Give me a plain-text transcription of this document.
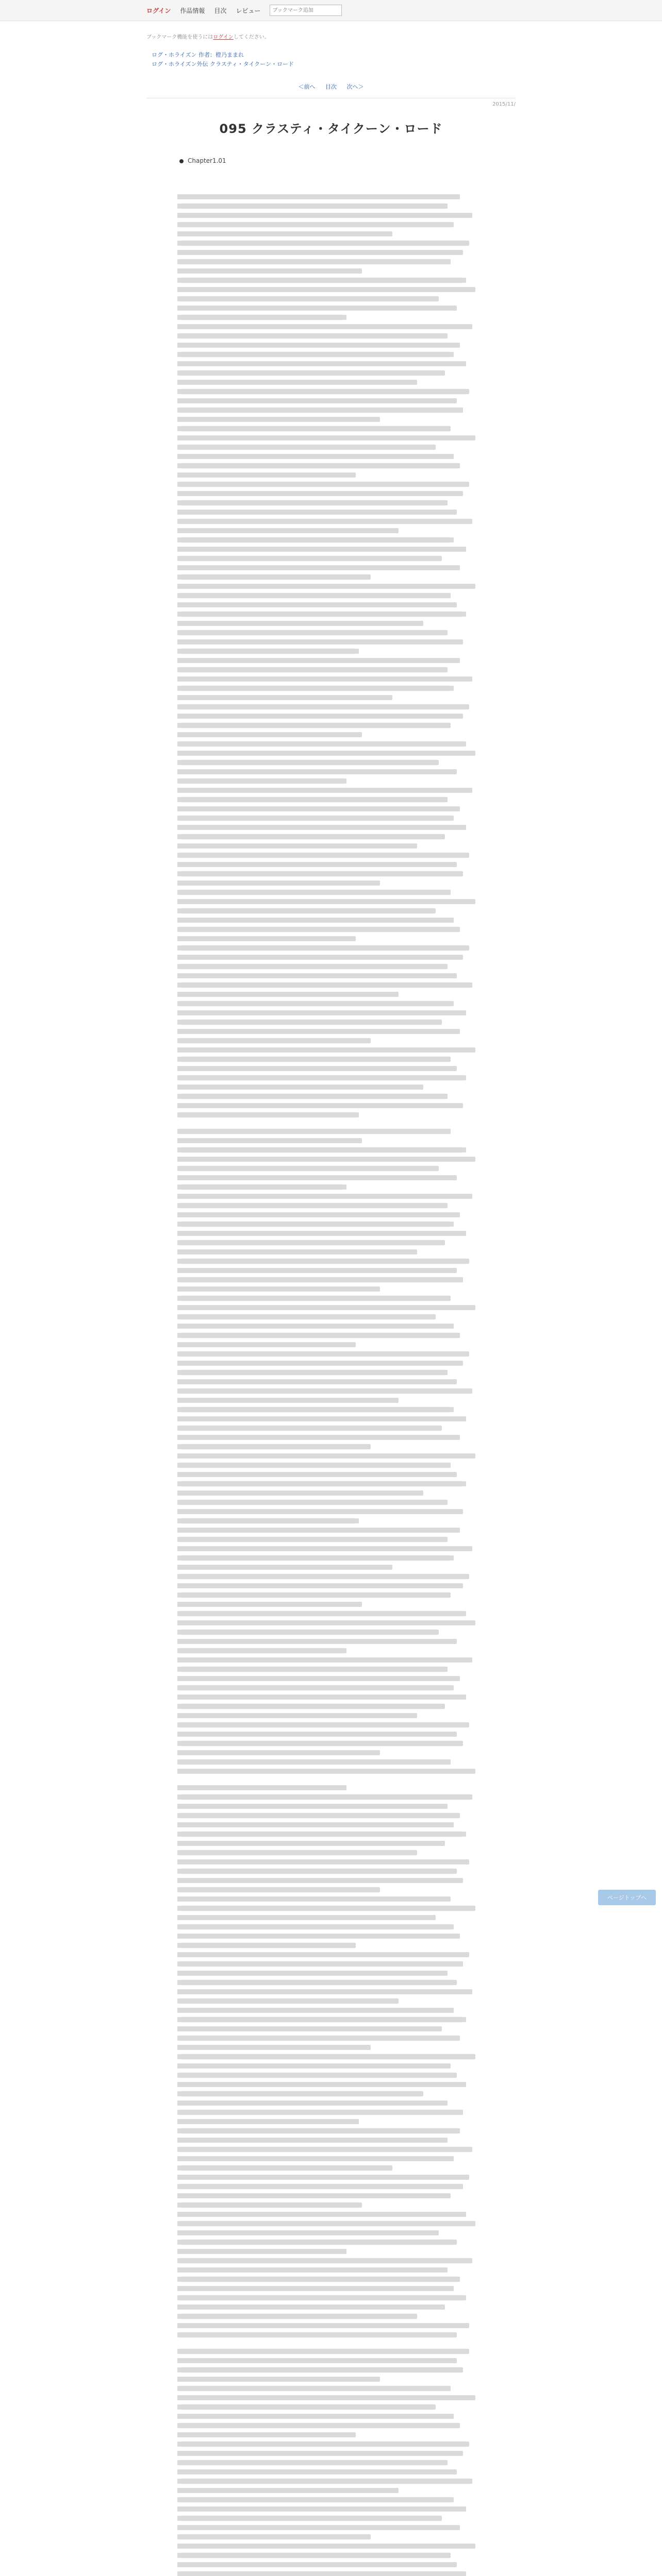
ログイン 作品情報 目次 レビュー
ブックマーク追加
ブックマーク機能を使うにはログインしてください。
ログ・ホライズン 作者：橙乃ままれ
ログ・ホライズン外伝 クラスティ・タイクーン・ロード
＜前へ 目次 次へ＞
2015/11/
095 クラスティ・タイクーン・ロード
Chapter1.01
ページトップへ
